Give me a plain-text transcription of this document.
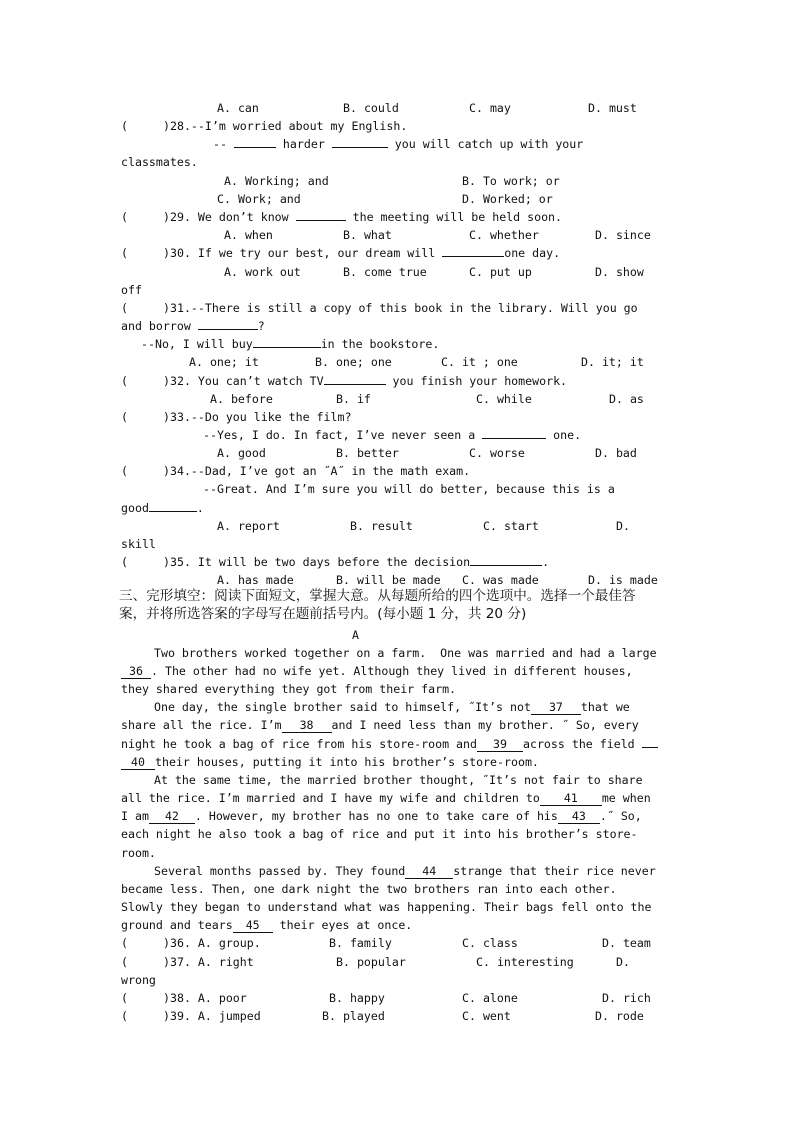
A. can	B. could	C. may	D. must
(	)28.--I’m worried about my English.
--	harder	you will catch up with your
classmates.
A. Working; and	B. To work; or
C. Work; and	D. Worked; or
(	)29. We don’t know	the meeting will be held soon.
A. when	B. what	C. whether	D. since
(	)30. If we try our best, our dream will	one day.
A. work out	B. come true	C. put up	D. show
off
(	)31.--There is still a copy of this book in the library. Will you go
and borrow	?
--No, I will buy	in the bookstore.
A. one; it	B. one; one	C. it ; one	D. it; it
(	)32. You can’t watch TV	you finish your homework.
A. before	B. if	C. while	D. as
(	)33.--Do you like the film?
--Yes, I do. In fact, I’ve never seen a	one.
A. good	B. better	C. worse	D. bad
(	)34.--Dad, I’ve got an ˝A˝ in the math exam.
--Great. And I’m sure you will do better, because this is a
good	.
A. report	B. result	C. start	D.
skill
(	)35. It will be two days before the decision	.
A. has made	B. will be made C. was made	D. is made
三、完形填空：阅读下面短文，掌握大意。从每题所给的四个选项中。选择一个最佳答
案，并将所选答案的字母写在题前括号内。(每小题 1 分，共 20 分)
A
Two brothers worked together on a farm.  One was married and had a large
36 . The other had no wife yet. Although they lived in different houses,
they shared everything they got from their farm.
One day, the single brother said to himself, ˝It’s not 37 that we
share all the rice. I’m 38 and I need less than my brother. ˝ So, every
night he took a bag of rice from his store-room and 39 across the field
40 their houses, putting it into his brother’s store-room.
At the same time, the married brother thought, ˝It’s not fair to share
all the rice. I’m married and I have my wife and children to 41 me when
I am 42 . However, my brother has no one to take care of his 43 .˝ So,
each night he also took a bag of rice and put it into his brother’s store-
room.
Several months passed by. They found 44 strange that their rice never
became less. Then, one dark night the two brothers ran into each other.
Slowly they began to understand what was happening. Their bags fell onto the
ground and tears 45 their eyes at once.
(	)36. A. group.	B. family	C. class	D. team
(	)37. A. right	B. popular	C. interesting	D.
wrong
(	)38. A. poor	B. happy	C. alone	D. rich
(	)39. A. jumped	B. played	C. went	D. rode
